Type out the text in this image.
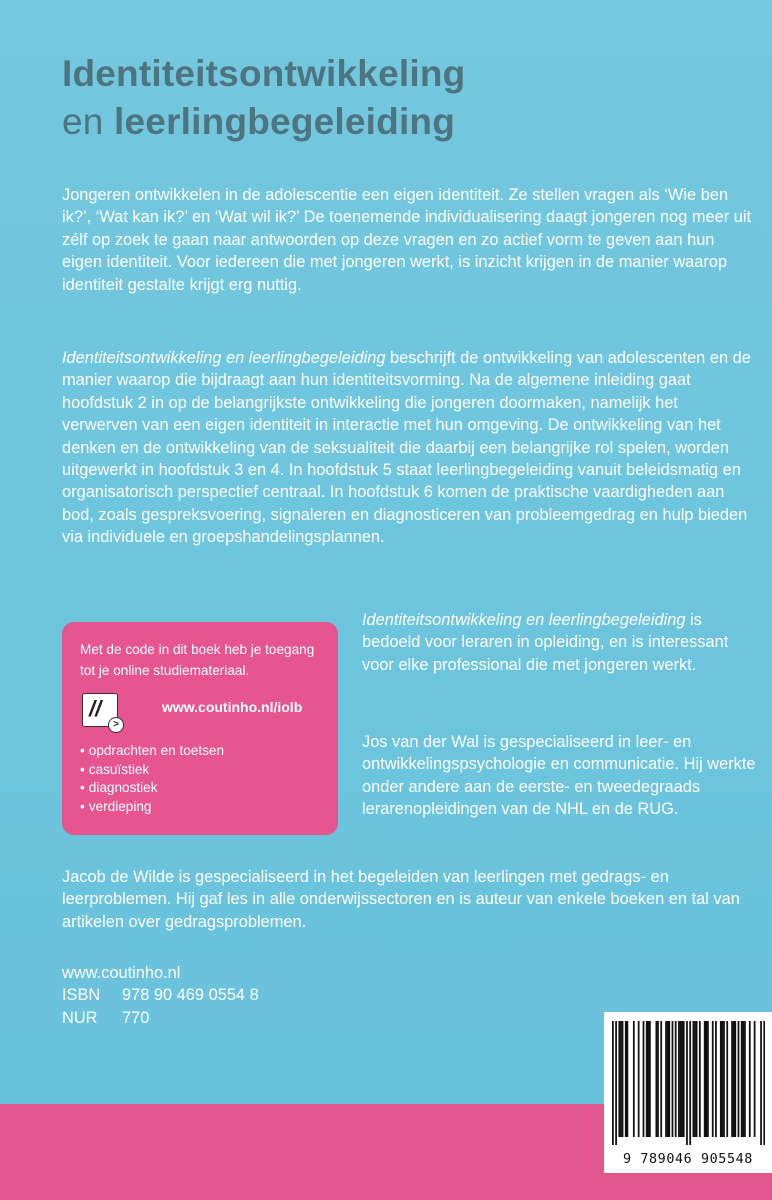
Identiteitsontwikkeling
en leerlingbegeleiding

Jongeren ontwikkelen in de adolescentie een eigen identiteit. Ze stellen vragen als ‘Wie ben ik?’, ‘Wat kan ik?’ en ‘Wat wil ik?’ De toenemende individualisering daagt jongeren nog meer uit zélf op zoek te gaan naar antwoorden op deze vragen en zo actief vorm te geven aan hun eigen identiteit. Voor iedereen die met jongeren werkt, is inzicht krijgen in de manier waarop identiteit gestalte krijgt erg nuttig.

Identiteitsontwikkeling en leerlingbegeleiding beschrijft de ontwikkeling van adolescenten en de manier waarop die bijdraagt aan hun identiteitsvorming. Na de algemene inleiding gaat hoofdstuk 2 in op de belangrijkste ontwikkeling die jongeren doormaken, namelijk het verwerven van een eigen identiteit in interactie met hun omgeving. De ontwikkeling van het denken en de ontwikkeling van de seksualiteit die daarbij een belangrijke rol spelen, worden uitgewerkt in hoofdstuk 3 en 4. In hoofdstuk 5 staat leerlingbegeleiding vanuit beleidsmatig en organisatorisch perspectief centraal. In hoofdstuk 6 komen de praktische vaardigheden aan bod, zoals gespreksvoering, signaleren en diagnosticeren van probleemgedrag en hulp bieden via individuele en groepshandelingsplannen.

Met de code in dit boek heb je toegang tot je online studiemateriaal.

//
>
www.coutinho.nl/iolb
• opdrachten en toetsen
• casuïstiek
• diagnostiek
• verdieping

Identiteitsontwikkeling en leerlingbegeleiding is bedoeld voor leraren in opleiding, en is interessant voor elke professional die met jongeren werkt.

Jos van der Wal is gespecialiseerd in leer- en ontwikkelingspsychologie en communicatie. Hij werkte onder andere aan de eerste- en tweedegraads lerarenopleidingen van de NHL en de RUG.

Jacob de Wilde is gespecialiseerd in het begeleiden van leerlingen met gedrags- en leerproblemen. Hij gaf les in alle onderwijssectoren en is auteur van enkele boeken en tal van artikelen over gedragsproblemen.

www.coutinho.nl
ISBN 978 90 469 0554 8
NUR 770
9 789046 905548
